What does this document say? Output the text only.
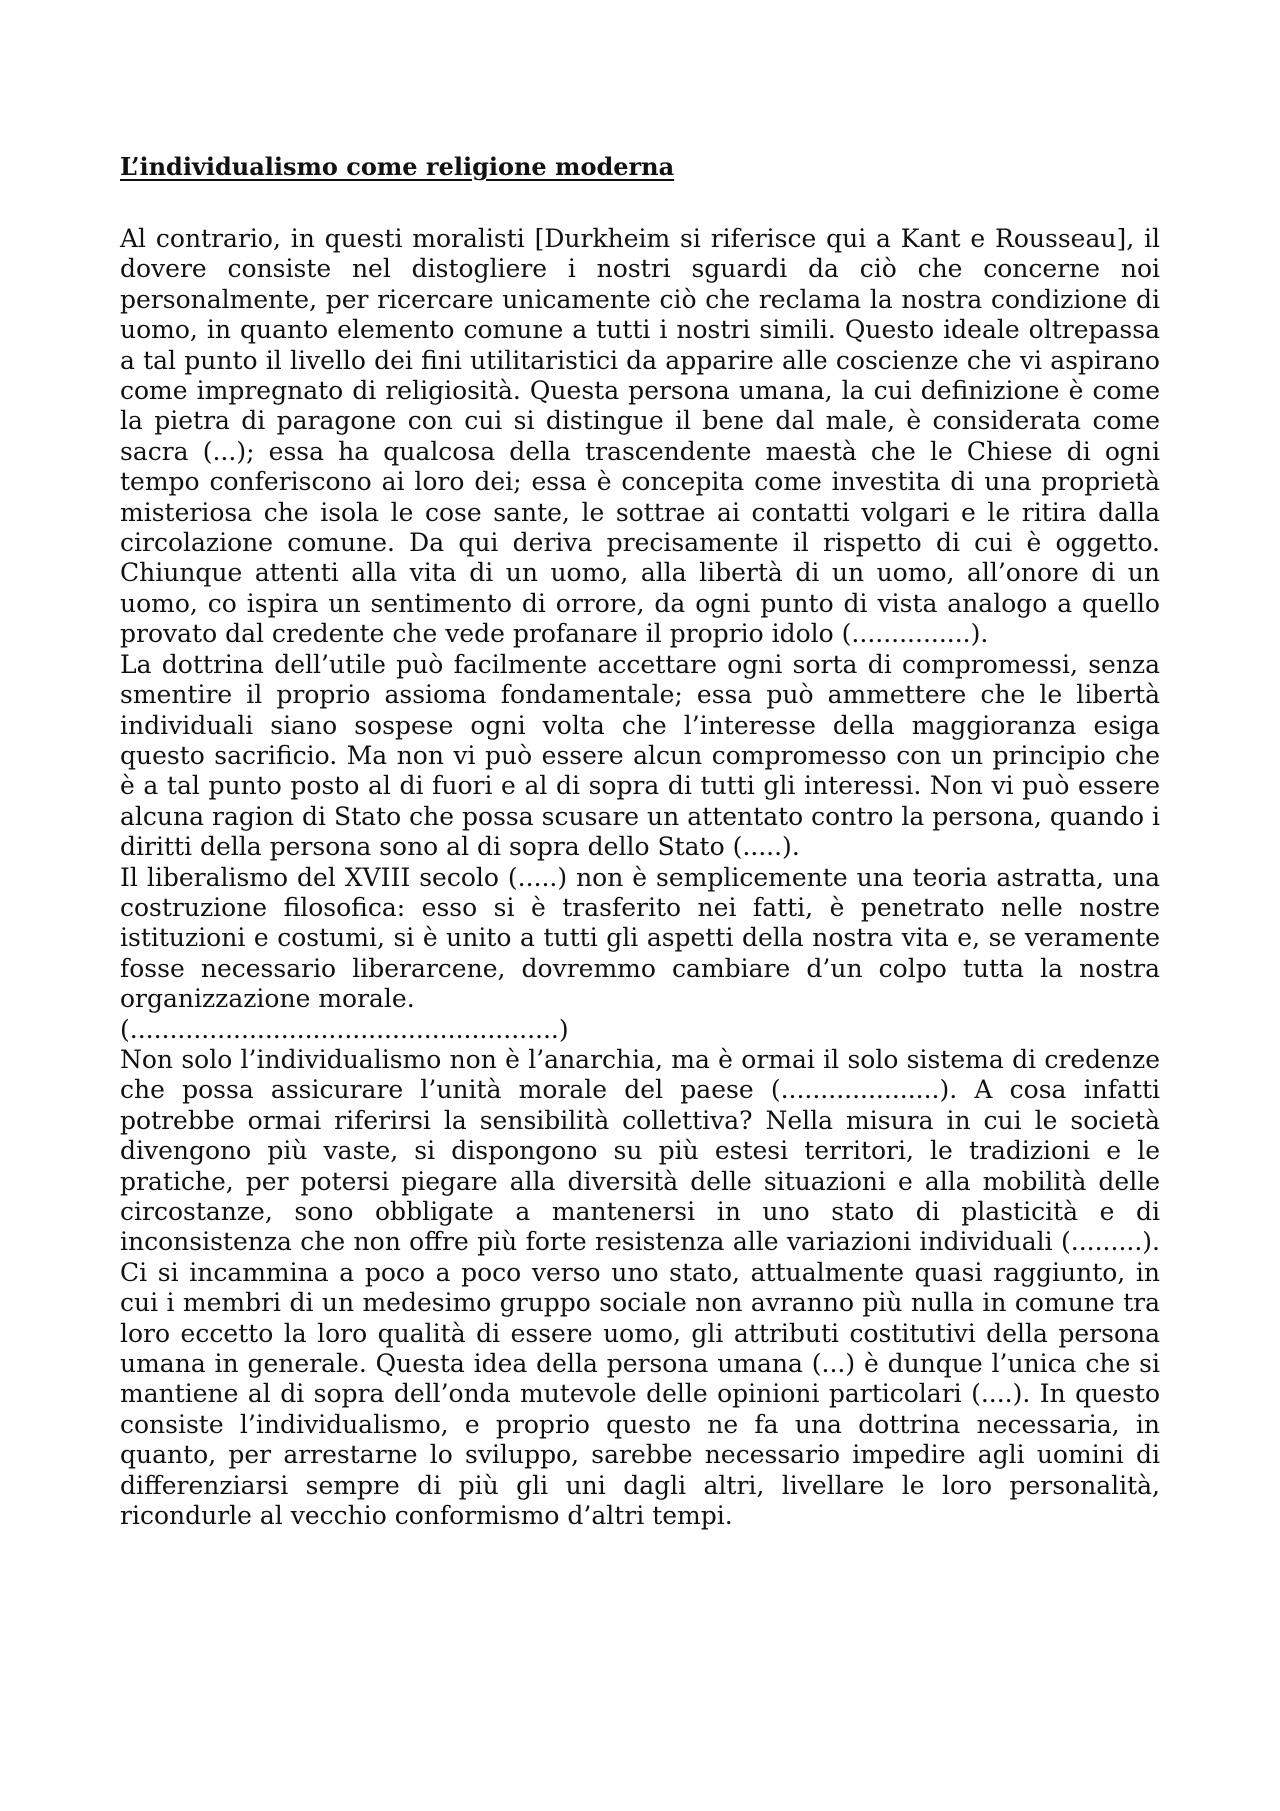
L’individualismo come religione moderna

Al contrario, in questi moralisti [Durkheim si riferisce qui a Kant e Rousseau], il dovere consiste nel distogliere i nostri sguardi da ciò che concerne noi personalmente, per ricercare unicamente ciò che reclama la nostra condizione di uomo, in quanto elemento comune a tutti i nostri simili. Questo ideale oltrepassa a tal punto il livello dei fini utilitaristici da apparire alle coscienze che vi aspirano come impregnato di religiosità. Questa persona umana, la cui definizione è come la pietra di paragone con cui si distingue il bene dal male, è considerata come sacra (...); essa ha qualcosa della trascendente maestà che le Chiese di ogni tempo conferiscono ai loro dei; essa è concepita come investita di una proprietà misteriosa che isola le cose sante, le sottrae ai contatti volgari e le ritira dalla circolazione comune. Da qui deriva precisamente il rispetto di cui è oggetto. Chiunque attenti alla vita di un uomo, alla libertà di un uomo, all’onore di un uomo, co ispira un sentimento di orrore, da ogni punto di vista analogo a quello provato dal credente che vede profanare il proprio idolo (...............).

La dottrina dell’utile può facilmente accettare ogni sorta di compromessi, senza smentire il proprio assioma fondamentale; essa può ammettere che le libertà individuali siano sospese ogni volta che l’interesse della maggioranza esiga questo sacrificio. Ma non vi può essere alcun compromesso con un principio che è a tal punto posto al di fuori e al di sopra di tutti gli interessi. Non vi può essere alcuna ragion di Stato che possa scusare un attentato contro la persona, quando i diritti della persona sono al di sopra dello Stato (.....).

Il liberalismo del XVIII secolo (.....) non è semplicemente una teoria astratta, una costruzione filosofica: esso si è trasferito nei fatti, è penetrato nelle nostre istituzioni e costumi, si è unito a tutti gli aspetti della nostra vita e, se veramente fosse necessario liberarcene, dovremmo cambiare d’un colpo tutta la nostra organizzazione morale.

(......................................................)

Non solo l’individualismo non è l’anarchia, ma è ormai il solo sistema di credenze che possa assicurare l’unità morale del paese (....................). A cosa infatti potrebbe ormai riferirsi la sensibilità collettiva? Nella misura in cui le società divengono più vaste, si dispongono su più estesi territori, le tradizioni e le pratiche, per potersi piegare alla diversità delle situazioni e alla mobilità delle circostanze, sono obbligate a mantenersi in uno stato di plasticità e di inconsistenza che non offre più forte resistenza alle variazioni individuali (.........). Ci si incammina a poco a poco verso uno stato, attualmente quasi raggiunto, in cui i membri di un medesimo gruppo sociale non avranno più nulla in comune tra loro eccetto la loro qualità di essere uomo, gli attributi costitutivi della persona umana in generale. Questa idea della persona umana (...) è dunque l’unica che si mantiene al di sopra dell’onda mutevole delle opinioni particolari (....). In questo consiste l’individualismo, e proprio questo ne fa una dottrina necessaria, in quanto, per arrestarne lo sviluppo, sarebbe necessario impedire agli uomini di differenziarsi sempre di più gli uni dagli altri, livellare le loro personalità, ricondurle al vecchio conformismo d’altri tempi.
